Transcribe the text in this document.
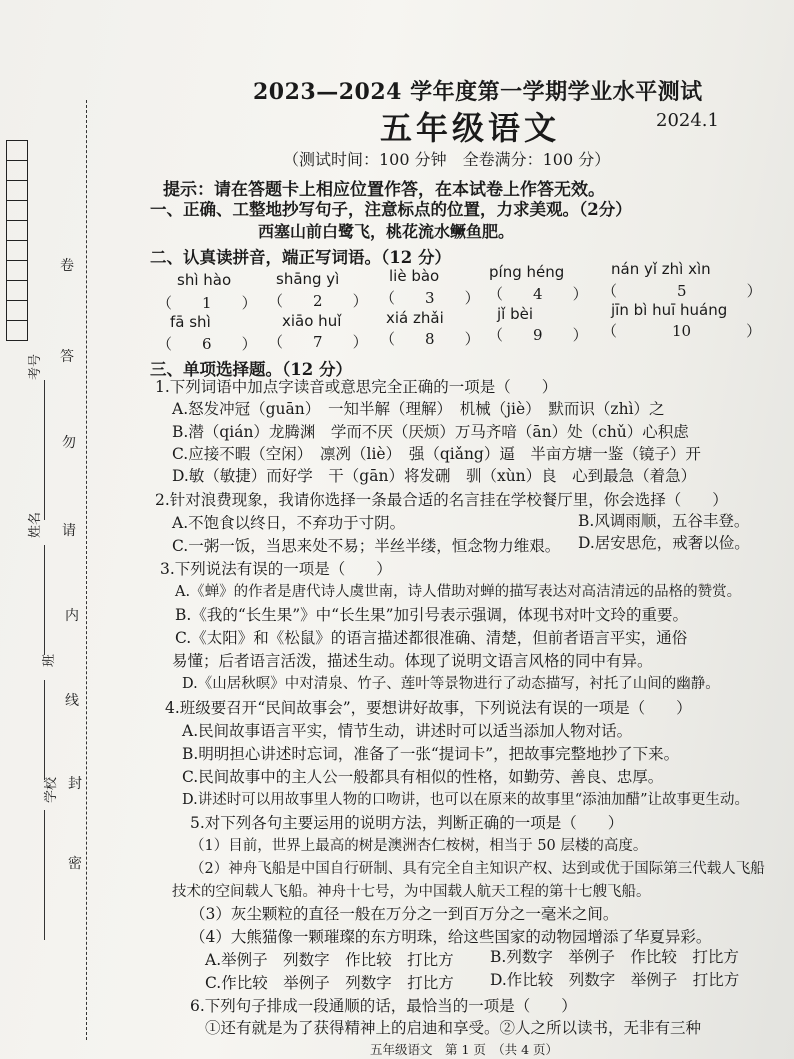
考号
姓名
班
学校
卷
答
勿
请
内
线
封
密
2023—2024 学年度第一学期学业水平测试
五年级语文	2024.1
（测试时间：100 分钟　全卷满分：100 分）
提示：请在答题卡上相应位置作答，在本试卷上作答无效。
一、正确、工整地抄写句子，注意标点的位置，力求美观。（2分）
西塞山前白鹭飞，桃花流水鳜鱼肥。
二、认真读拼音，端正写词语。（12 分）
shì hào	shāng yì	liè bào	píng héng	nán yǐ zhì xìn
（ 1 ） （ 2 ） （ 3 ） （ 4 ） （	5	）
fā shì	xiāo huǐ	xiá zhǎi	jǐ bèi	jīn bì huī huáng
（ 6 ） （ 7 ） （ 8 ） （ 9 ） （	10	）
三、单项选择题。（12 分）
1.下列词语中加点字读音或意思完全正确的一项是（　　）
A.怒发冲冠（guān）　一知半解（理解）　机械（jiè）　默而识（zhì）之
B.潜（qián）龙腾渊　学而不厌（厌烦）万马齐喑（ān）处（chǔ）心积虑
C.应接不暇（空闲）　凛冽（liè）　强（qiǎng）逼　半亩方塘一鉴（镜子）开
D.敏（敏捷）而好学　干（gān）将发硎　驯（xùn）良　心到最急（着急）
2.针对浪费现象，我请你选择一条最合适的名言挂在学校餐厅里，你会选择（　　）
A.不饱食以终日，不弃功于寸阴。	B.风调雨顺，五谷丰登。
C.一粥一饭，当思来处不易；半丝半缕，恒念物力维艰。 D.居安思危，戒奢以俭。
3.下列说法有误的一项是（　　）
A.《蝉》的作者是唐代诗人虞世南，诗人借助对蝉的描写表达对高洁清远的品格的赞赏。
B.《我的“长生果”》中“长生果”加引号表示强调，体现书对叶文玲的重要。
C.《太阳》和《松鼠》的语言描述都很准确、清楚，但前者语言平实，通俗
易懂；后者语言活泼，描述生动。体现了说明文语言风格的同中有异。
D.《山居秋暝》中对清泉、竹子、莲叶等景物进行了动态描写，衬托了山间的幽静。
4.班级要召开“民间故事会”，要想讲好故事，下列说法有误的一项是（　　）
A.民间故事语言平实，情节生动，讲述时可以适当添加人物对话。
B.明明担心讲述时忘词，准备了一张“提词卡”，把故事完整地抄了下来。
C.民间故事中的主人公一般都具有相似的性格，如勤劳、善良、忠厚。
D.讲述时可以用故事里人物的口吻讲，也可以在原来的故事里“添油加醋”让故事更生动。
5.对下列各句主要运用的说明方法，判断正确的一项是（　　）
（1）目前，世界上最高的树是澳洲杏仁桉树，相当于 50 层楼的高度。
（2）神舟飞船是中国自行研制、具有完全自主知识产权、达到或优于国际第三代载人飞船
技术的空间载人飞船。神舟十七号，为中国载人航天工程的第十七艘飞船。
（3）灰尘颗粒的直径一般在万分之一到百万分之一毫米之间。
（4）大熊猫像一颗璀璨的东方明珠，给这些国家的动物园增添了华夏异彩。
A.举例子　列数字　作比较　打比方 B.列数字　举例子　作比较　打比方
C.作比较　举例子　列数字　打比方 D.作比较　列数字　举例子　打比方
6.下列句子排成一段通顺的话，最恰当的一项是（　　）
①还有就是为了获得精神上的启迪和享受。②人之所以读书，无非有三种
五年级语文　第 1 页　（共 4 页）
